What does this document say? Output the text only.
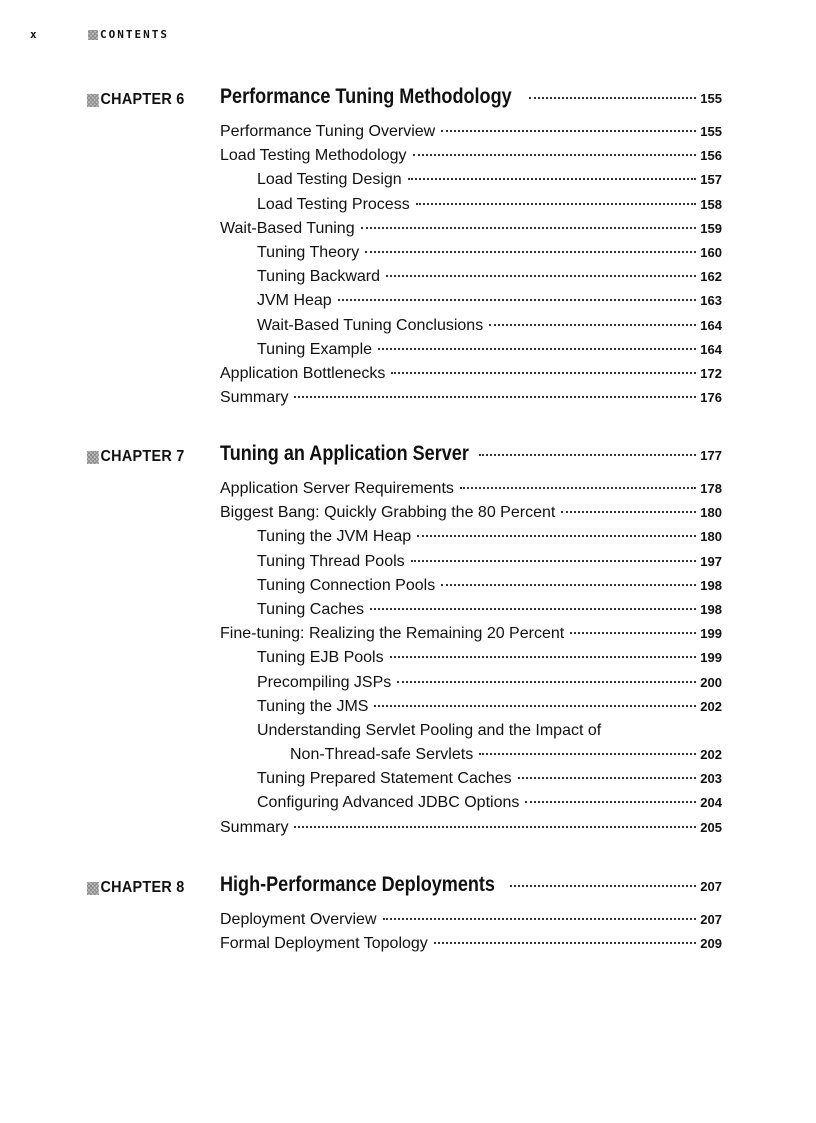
x	CONTENTS
CHAPTER 6 Performance Tuning Methodology	155
Performance Tuning Overview	155
Load Testing Methodology	156
Load Testing Design	157
Load Testing Process	158
Wait-Based Tuning	159
Tuning Theory	160
Tuning Backward	162
JVM Heap	163
Wait-Based Tuning Conclusions	164
Tuning Example	164
Application Bottlenecks	172
Summary	176
CHAPTER 7 Tuning an Application Server	177
Application Server Requirements	178
Biggest Bang: Quickly Grabbing the 80 Percent	180
Tuning the JVM Heap	180
Tuning Thread Pools	197
Tuning Connection Pools	198
Tuning Caches	198
Fine-tuning: Realizing the Remaining 20 Percent	199
Tuning EJB Pools	199
Precompiling JSPs	200
Tuning the JMS	202
Understanding Servlet Pooling and the Impact of
Non-Thread-safe Servlets	202
Tuning Prepared Statement Caches	203
Configuring Advanced JDBC Options	204
Summary	205
CHAPTER 8 High-Performance Deployments	207
Deployment Overview	207
Formal Deployment Topology	209
